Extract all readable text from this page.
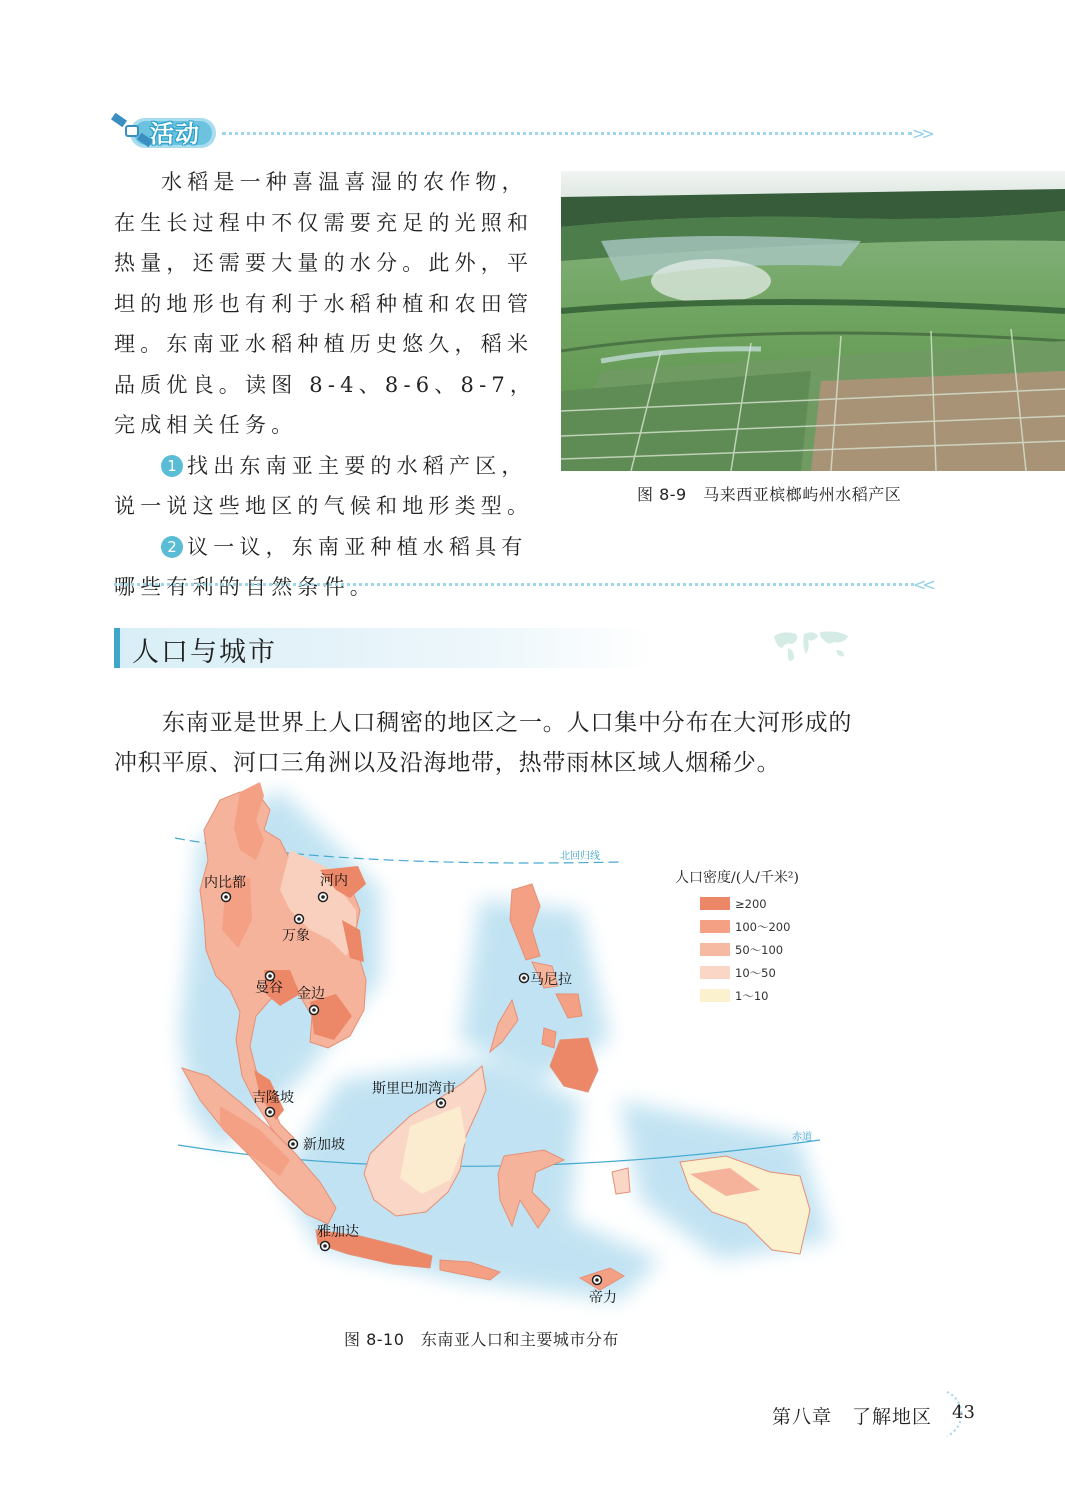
活动	>>

水稻是一种喜温喜湿的农作物，在生长过程中不仅需要充足的光照和热量，还需要大量的水分。此外，平坦的地形也有利于水稻种植和农田管理。东南亚水稻种植历史悠久，稻米品质优良。读图 8-4、8-6、8-7，完成相关任务。

1 找出东南亚主要的水稻产区，说一说这些地区的气候和地形类型。

2 议一议，东南亚种植水稻具有哪些有利的自然条件。

图 8-9　马来西亚槟榔屿州水稻产区
<<
人口与城市
东南亚是世界上人口稠密的地区之一。人口集中分布在大河形成的冲积平原、河口三角洲以及沿海地带，热带雨林区域人烟稀少。
北回归线
赤道
人口密度/(人/千米²)
≥200
100～200
50～100
10～50
1～10
内比都	河内
万象
曼谷 金边
马尼拉
吉隆坡
斯里巴加湾市
新加坡
雅加达
帝力
图 8-10　东南亚人口和主要城市分布
第八章　了解地区 43
